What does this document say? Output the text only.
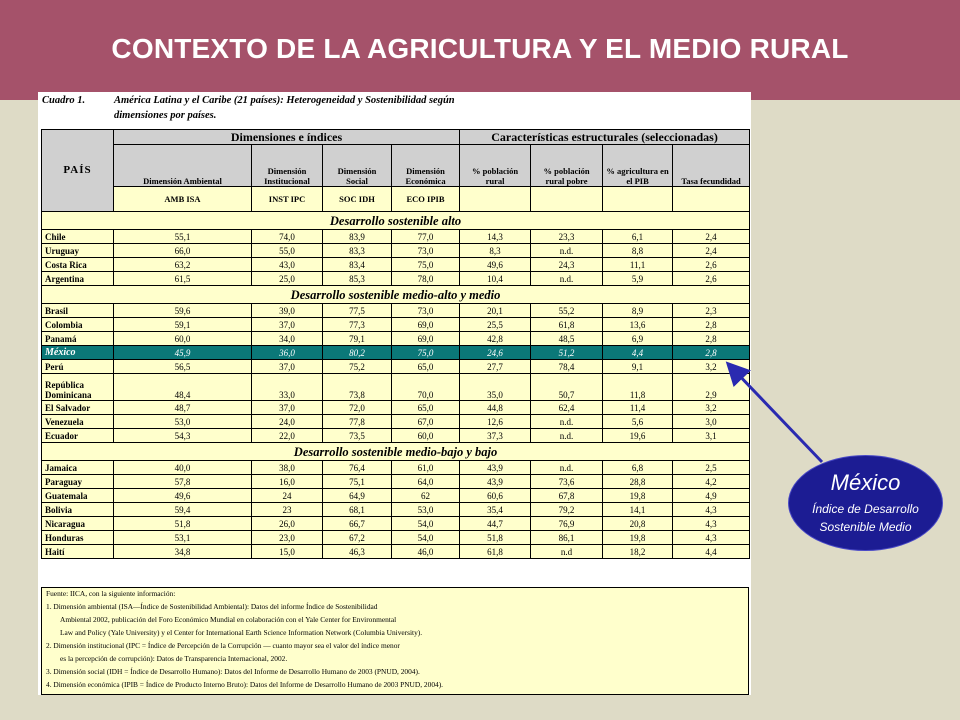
CONTEXTO DE LA AGRICULTURA Y EL MEDIO RURAL
Cuadro 1.	América Latina y el Caribe (21 países): Heterogeneidad y Sostenibilidad según
dimensiones por países.
PAÍS	Dimensiones e índices				Características estructurales (seleccionadas)			
	Dimensión Ambiental	Dimensión Institucional	Dimensión Social	Dimensión Económica	% población rural	% población rural pobre	% agricultura en el PIB	Tasa fecundidad
	AMB ISA	INST IPC	SOC IDH	ECO IPIB				
Desarrollo sostenible alto								
Chile	55,1	74,0	83,9	77,0	14,3	23,3	6,1	2,4
Uruguay	66,0	55,0	83,3	73,0	8,3	n.d.	8,8	2,4
Costa Rica	63,2	43,0	83,4	75,0	49,6	24,3	11,1	2,6
Argentina	61,5	25,0	85,3	78,0	10,4	n.d.	5,9	2,6
Desarrollo sostenible medio-alto y medio								
Brasil	59,6	39,0	77,5	73,0	20,1	55,2	8,9	2,3
Colombia	59,1	37,0	77,3	69,0	25,5	61,8	13,6	2,8
Panamá	60,0	34,0	79,1	69,0	42,8	48,5	6,9	2,8
México	45,9	36,0	80,2	75,0	24,6	51,2	4,4	2,8
Perú	56,5	37,0	75,2	65,0	27,7	78,4	9,1	3,2
República Dominicana	48,4	33,0	73,8	70,0	35,0	50,7	11,8	2,9
El Salvador	48,7	37,0	72,0	65,0	44,8	62,4	11,4	3,2
Venezuela	53,0	24,0	77,8	67,0	12,6	n.d.	5,6	3,0
Ecuador	54,3	22,0	73,5	60,0	37,3	n.d.	19,6	3,1
Desarrollo sostenible medio-bajo y bajo								
Jamaica	40,0	38,0	76,4	61,0	43,9	n.d.	6,8	2,5
Paraguay	57,8	16,0	75,1	64,0	43,9	73,6	28,8	4,2
Guatemala	49,6	24	64,9	62	60,6	67,8	19,8	4,9
Bolivia	59,4	23	68,1	53,0	35,4	79,2	14,1	4,3
Nicaragua	51,8	26,0	66,7	54,0	44,7	76,9	20,8	4,3
Honduras	53,1	23,0	67,2	54,0	51,8	86,1	19,8	4,3
Haití	34,8	15,0	46,3	46,0	61,8	n.d	18,2	4,4
Fuente: IICA, con la siguiente información:
1. Dimensión ambiental (ISA—Índice de Sostenibilidad Ambiental): Datos del informe Índice de Sostenibilidad
Ambiental 2002, publicación del Foro Económico Mundial en colaboración con el Yale Center for Environmental
Law and Policy (Yale University) y el Center for International Earth Science Information Network (Columbia University).
2. Dimensión institucional (IPC = Índice de Percepción de la Corrupción — cuanto mayor sea el valor del índice menor
es la percepción de corrupción): Datos de Transparencia Internacional, 2002.
3. Dimensión social (IDH = Índice de Desarrollo Humano): Datos del Informe de Desarrollo Humano de 2003 (PNUD, 2004).
4. Dimensión económica (IPIB = Índice de Producto Interno Bruto): Datos del Informe de Desarrollo Humano de 2003 PNUD, 2004).
México
Índice de Desarrollo
Sostenible Medio
